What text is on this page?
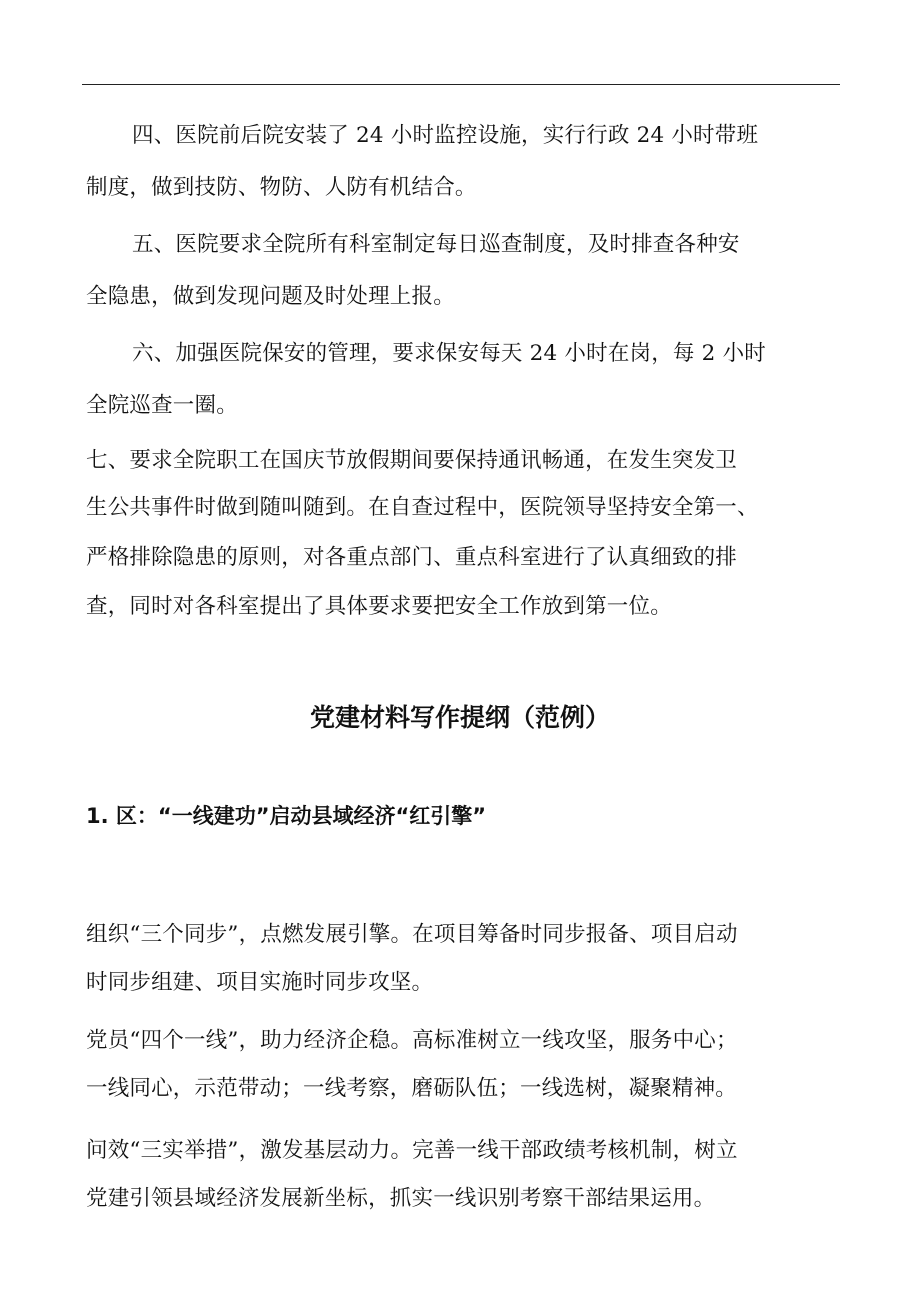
四、医院前后院安装了 24 小时监控设施，实行行政 24 小时带班
制度，做到技防、物防、人防有机结合。
五、医院要求全院所有科室制定每日巡查制度，及时排查各种安
全隐患，做到发现问题及时处理上报。
六、加强医院保安的管理，要求保安每天 24 小时在岗，每 2 小时
全院巡查一圈。
七、要求全院职工在国庆节放假期间要保持通讯畅通，在发生突发卫
生公共事件时做到随叫随到。在自查过程中，医院领导坚持安全第一、
严格排除隐患的原则，对各重点部门、重点科室进行了认真细致的排
查，同时对各科室提出了具体要求要把安全工作放到第一位。
党建材料写作提纲（范例）
1. 区：“一线建功”启动县域经济“红引擎”
组织“三个同步”，点燃发展引擎。在项目筹备时同步报备、项目启动
时同步组建、项目实施时同步攻坚。
党员“四个一线”，助力经济企稳。高标准树立一线攻坚，服务中心；
一线同心，示范带动；一线考察，磨砺队伍；一线选树，凝聚精神。
问效“三实举措”，激发基层动力。完善一线干部政绩考核机制，树立
党建引领县域经济发展新坐标，抓实一线识别考察干部结果运用。
